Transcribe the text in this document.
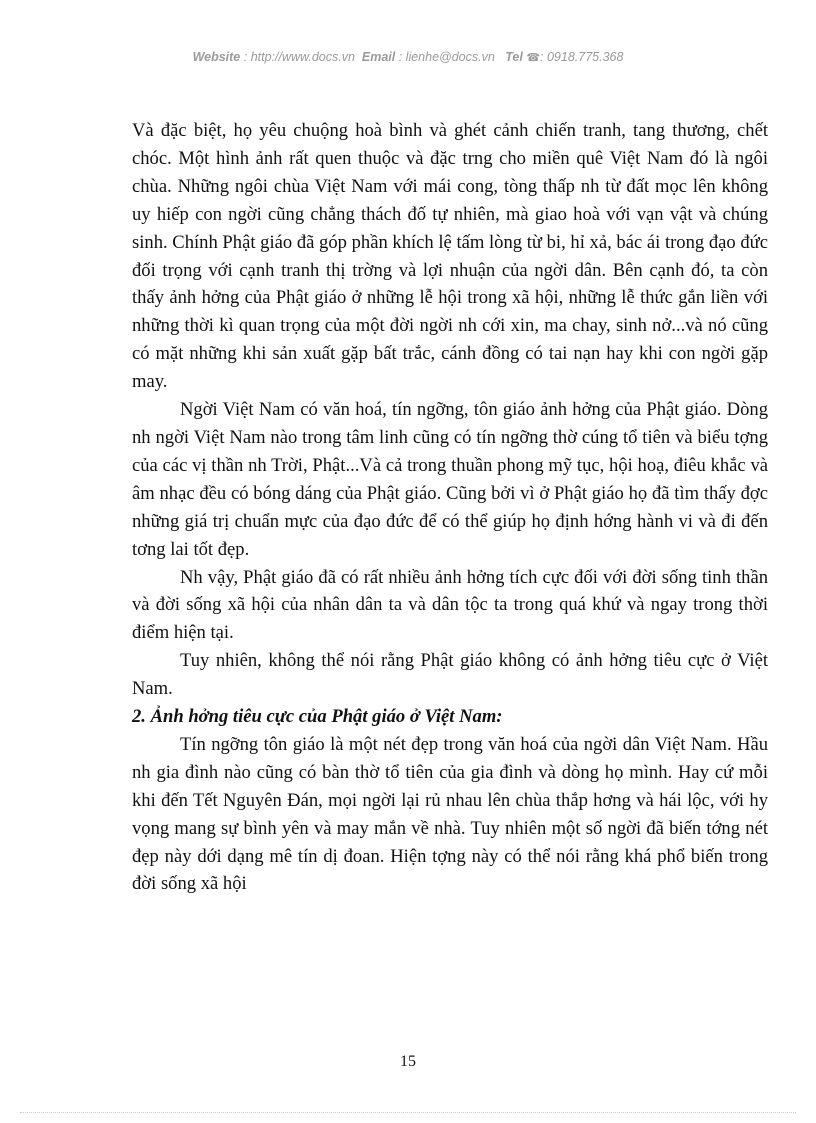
Website : http://www.docs.vn Email : lienhe@docs.vn Tel ☎: 0918.775.368

Và đặc biệt, họ yêu chuộng hoà bình và ghét cảnh chiến tranh, tang thương, chết chóc. Một hình ảnh rất quen thuộc và đặc trng cho miền quê Việt Nam đó là ngôi chùa. Những ngôi chùa Việt Nam với mái cong, tòng thấp nh từ đất mọc lên không uy hiếp con ngời cũng chẳng thách đố tự nhiên, mà giao hoà với vạn vật và chúng sinh. Chính Phật giáo đã góp phần khích lệ tấm lòng từ bi, hỉ xả, bác ái trong đạo đức đối trọng với cạnh tranh thị trờng và lợi nhuận của ngời dân. Bên cạnh đó, ta còn thấy ảnh hởng của Phật giáo ở những lễ hội trong xã hội, những lễ thức gắn liền với những thời kì quan trọng của một đời ngời nh cới xin, ma chay, sinh nở...và nó cũng có mặt những khi sản xuất gặp bất trắc, cánh đồng có tai nạn hay khi con ngời gặp may.

Ngời Việt Nam có văn hoá, tín ngỡng, tôn giáo ảnh hởng của Phật giáo. Dòng nh ngời Việt Nam nào trong tâm linh cũng có tín ngỡng thờ cúng tổ tiên và biểu tợng của các vị thần nh Trời, Phật...Và cả trong thuần phong mỹ tục, hội hoạ, điêu khắc và âm nhạc đều có bóng dáng của Phật giáo. Cũng bởi vì ở Phật giáo họ đã tìm thấy đợc những giá trị chuẩn mực của đạo đức để có thể giúp họ định hớng hành vi và đi đến tơng lai tốt đẹp.

Nh vậy, Phật giáo đã có rất nhiều ảnh hởng tích cực đối với đời sống tinh thần và đời sống xã hội của nhân dân ta và dân tộc ta trong quá khứ và ngay trong thời điểm hiện tại.

Tuy nhiên, không thể nói rằng Phật giáo không có ảnh hởng tiêu cực ở Việt Nam.

2. Ảnh hởng tiêu cực của Phật giáo ở Việt Nam:

Tín ngỡng tôn giáo là một nét đẹp trong văn hoá của ngời dân Việt Nam. Hầu nh gia đình nào cũng có bàn thờ tổ tiên của gia đình và dòng họ mình. Hay cứ mỗi khi đến Tết Nguyên Đán, mọi ngời lại rủ nhau lên chùa thắp hơng và hái lộc, với hy vọng mang sự bình yên và may mắn về nhà. Tuy nhiên một số ngời đã biến tớng nét đẹp này dới dạng mê tín dị đoan. Hiện tợng này có thể nói rằng khá phổ biến trong đời sống xã hội

15
